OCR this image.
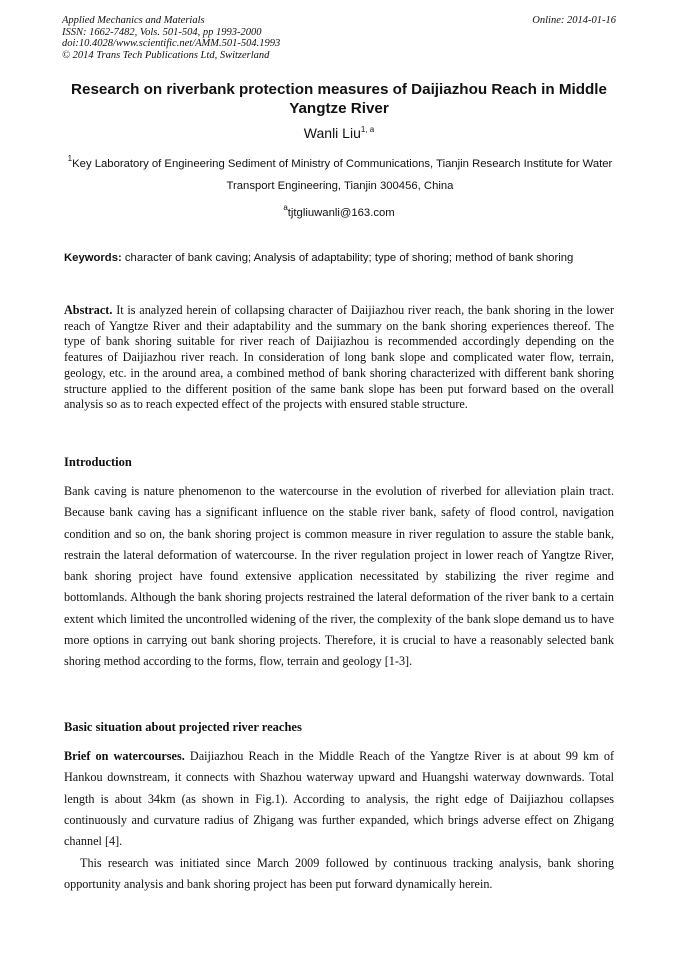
Applied Mechanics and Materials
ISSN: 1662-7482, Vols. 501-504, pp 1993-2000
doi:10.4028/www.scientific.net/AMM.501-504.1993
© 2014 Trans Tech Publications Ltd, Switzerland
Online: 2014-01-16
Research on riverbank protection measures of Daijiazhou Reach in Middle Yangtze River
Wanli Liu$^{1, a}$
$^1$Key Laboratory of Engineering Sediment of Ministry of Communications, Tianjin Research Institute for Water Transport Engineering, Tianjin 300456, China
$^a$tjtgliuwanli@163.com
Keywords: character of bank caving; Analysis of adaptability; type of shoring; method of bank shoring
Abstract. It is analyzed herein of collapsing character of Daijiazhou river reach, the bank shoring in the lower reach of Yangtze River and their adaptability and the summary on the bank shoring experiences thereof. The type of bank shoring suitable for river reach of Daijiazhou is recommended accordingly depending on the features of Daijiazhou river reach. In consideration of long bank slope and complicated water flow, terrain, geology, etc. in the around area, a combined method of bank shoring characterized with different bank shoring structure applied to the different position of the same bank slope has been put forward based on the overall analysis so as to reach expected effect of the projects with ensured stable structure.
Introduction
Bank caving is nature phenomenon to the watercourse in the evolution of riverbed for alleviation plain tract. Because bank caving has a significant influence on the stable river bank, safety of flood control, navigation condition and so on, the bank shoring project is common measure in river regulation to assure the stable bank, restrain the lateral deformation of watercourse. In the river regulation project in lower reach of Yangtze River, bank shoring project have found extensive application necessitated by stabilizing the river regime and bottomlands. Although the bank shoring projects restrained the lateral deformation of the river bank to a certain extent which limited the uncontrolled widening of the river, the complexity of the bank slope demand us to have more options in carrying out bank shoring projects. Therefore, it is crucial to have a reasonably selected bank shoring method according to the forms, flow, terrain and geology [1-3].
Basic situation about projected river reaches
Brief on watercourses. Daijiazhou Reach in the Middle Reach of the Yangtze River is at about 99 km of Hankou downstream, it connects with Shazhou waterway upward and Huangshi waterway downwards. Total length is about 34km (as shown in Fig.1). According to analysis, the right edge of Daijiazhou collapses continuously and curvature radius of Zhigang was further expanded, which brings adverse effect on Zhigang channel [4].
This research was initiated since March 2009 followed by continuous tracking analysis, bank shoring opportunity analysis and bank shoring project has been put forward dynamically herein.
